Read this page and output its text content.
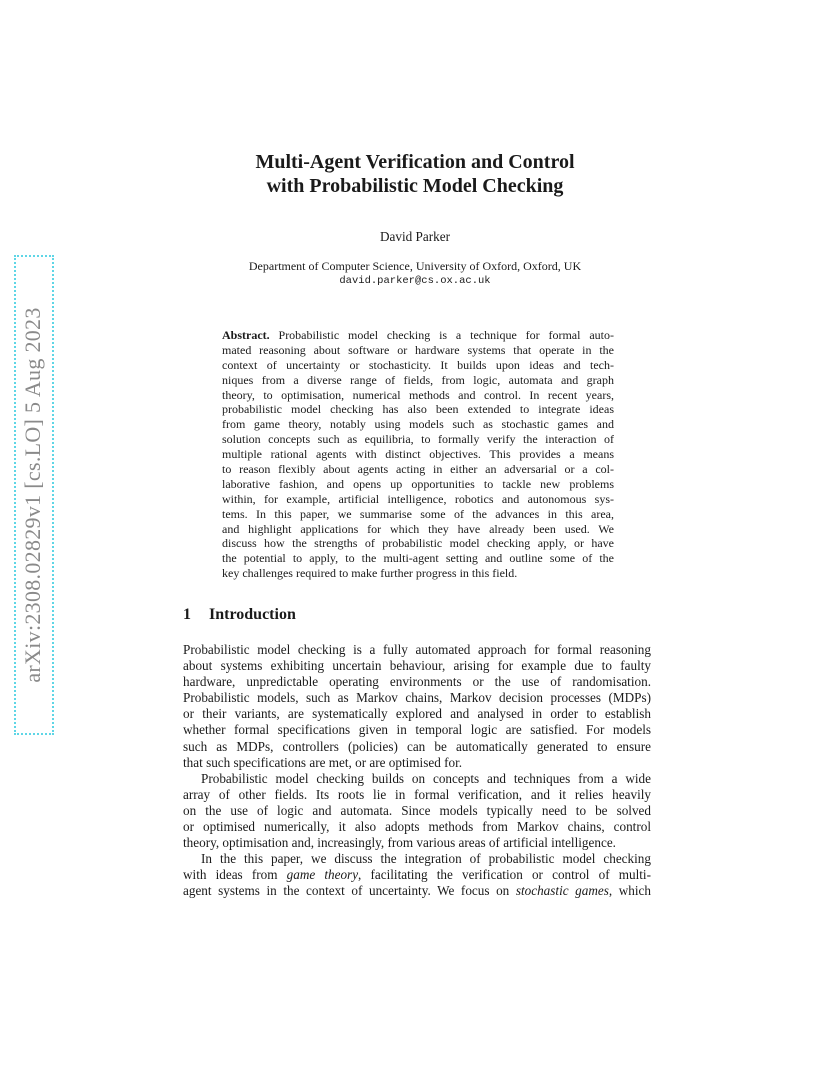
arXiv:2308.02829v1 [cs.LO] 5 Aug 2023
Multi-Agent Verification and Control
with Probabilistic Model Checking
David Parker
Department of Computer Science, University of Oxford, Oxford, UK
david.parker@cs.ox.ac.uk
Abstract. Probabilistic model checking is a technique for formal auto-
mated reasoning about software or hardware systems that operate in the
context of uncertainty or stochasticity. It builds upon ideas and tech-
niques from a diverse range of fields, from logic, automata and graph
theory, to optimisation, numerical methods and control. In recent years,
probabilistic model checking has also been extended to integrate ideas
from game theory, notably using models such as stochastic games and
solution concepts such as equilibria, to formally verify the interaction of
multiple rational agents with distinct objectives. This provides a means
to reason flexibly about agents acting in either an adversarial or a col-
laborative fashion, and opens up opportunities to tackle new problems
within, for example, artificial intelligence, robotics and autonomous sys-
tems. In this paper, we summarise some of the advances in this area,
and highlight applications for which they have already been used. We
discuss how the strengths of probabilistic model checking apply, or have
the potential to apply, to the multi-agent setting and outline some of the
key challenges required to make further progress in this field.
1 Introduction
Probabilistic model checking is a fully automated approach for formal reasoning
about systems exhibiting uncertain behaviour, arising for example due to faulty
hardware, unpredictable operating environments or the use of randomisation.
Probabilistic models, such as Markov chains, Markov decision processes (MDPs)
or their variants, are systematically explored and analysed in order to establish
whether formal specifications given in temporal logic are satisfied. For models
such as MDPs, controllers (policies) can be automatically generated to ensure
that such specifications are met, or are optimised for.
Probabilistic model checking builds on concepts and techniques from a wide
array of other fields. Its roots lie in formal verification, and it relies heavily
on the use of logic and automata. Since models typically need to be solved
or optimised numerically, it also adopts methods from Markov chains, control
theory, optimisation and, increasingly, from various areas of artificial intelligence.
In the this paper, we discuss the integration of probabilistic model checking
with ideas from game theory, facilitating the verification or control of multi-
agent systems in the context of uncertainty. We focus on stochastic games, which
